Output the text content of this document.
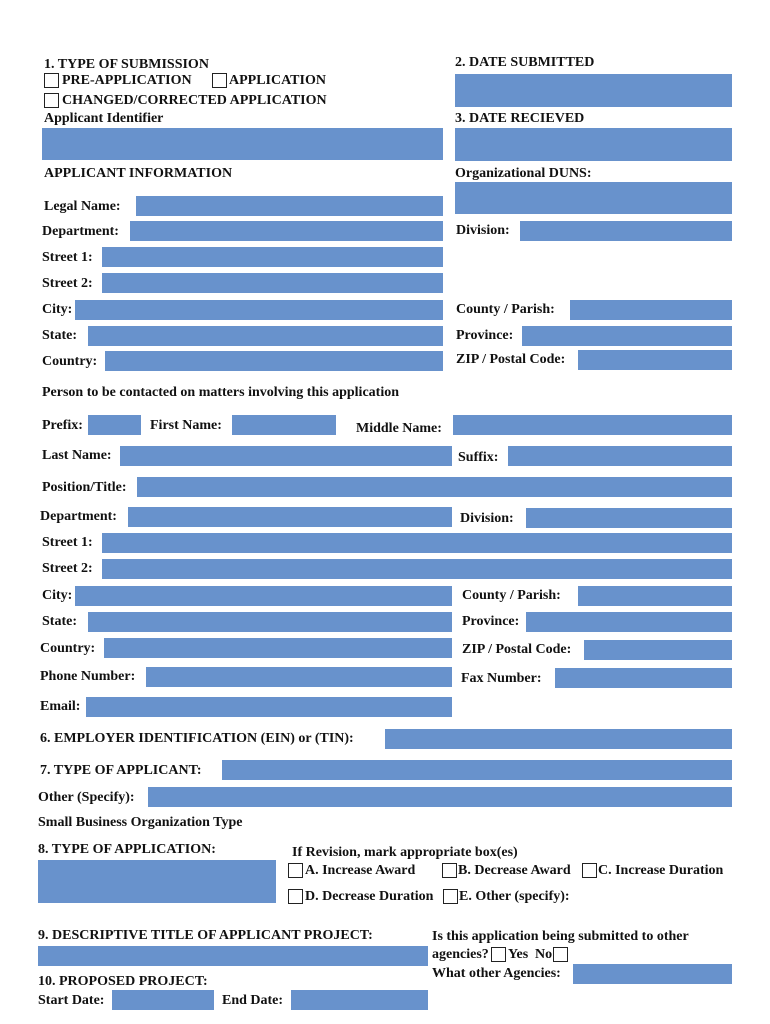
1. TYPE OF SUBMISSION
PRE-APPLICATION	APPLICATION
CHANGED/CORRECTED APPLICATION
Applicant Identifier
2. DATE SUBMITTED
3. DATE RECIEVED
APPLICANT INFORMATION	Organizational DUNS:
Legal Name:
Department:	Division:
Street 1:
Street 2:
City:	County / Parish:
State:	Province:
Country:	ZIP / Postal Code:
Person to be contacted on matters involving this application
Prefix:	First Name:	Middle Name:
Last Name:	Suffix:
Position/Title:
Department:	Division:
Street 1:
Street 2:
City:	County / Parish:
State:	Province:
Country:	ZIP / Postal Code:
Phone Number:	Fax Number:
Email:
6. EMPLOYER IDENTIFICATION (EIN) or (TIN):
7. TYPE OF APPLICANT:
Other (Specify):
Small Business Organization Type
8. TYPE OF APPLICATION:	If Revision, mark appropriate box(es)
A. Increase Award	B. Decrease Award C. Increase Duration
D. Decrease Duration E. Other (specify):
9. DESCRIPTIVE TITLE OF APPLICANT PROJECT:	Is this application being submitted to other
agencies? Yes No
What other Agencies:
10. PROPOSED PROJECT:
Start Date:	End Date:
